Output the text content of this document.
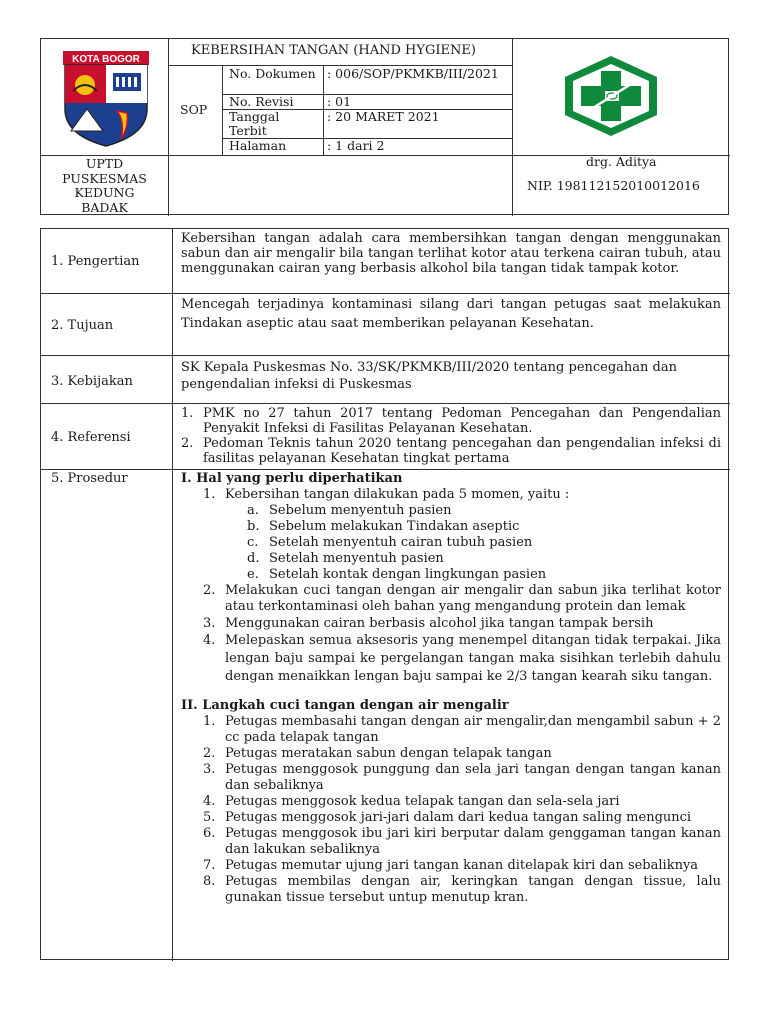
KOTA BOGOR
KEBERSIHAN TANGAN (HAND HYGIENE)
SOP
No. Dokumen : 006/SOP/PKMKB/III/2021
No. Revisi	: 01
Tanggal Terbit
: 20 MARET 2021
Halaman	: 1 dari 2
UPTD
PUSKESMAS
KEDUNG
BADAK
drg. Aditya
NIP. 198112152010012016
1. Pengertian
Kebersihan tangan adalah cara membersihkan tangan dengan menggunakan sabun dan air mengalir bila tangan terlihat kotor atau terkena cairan tubuh, atau menggunakan cairan yang berbasis alkohol bila tangan tidak tampak kotor.
2. Tujuan
Mencegah terjadinya kontaminasi silang dari tangan petugas saat melakukan Tindakan aseptic atau saat memberikan pelayanan Kesehatan.
3. Kebijakan
SK Kepala Puskesmas No. 33/SK/PKMKB/III/2020 tentang pencegahan dan pengendalian infeksi di Puskesmas
4. Referensi
1. PMK no 27 tahun 2017 tentang Pedoman Pencegahan dan Pengendalian Penyakit Infeksi di Fasilitas Pelayanan Kesehatan.
2. Pedoman Teknis tahun 2020 tentang pencegahan dan pengendalian infeksi di fasilitas pelayanan Kesehatan tingkat pertama
5. Prosedur	I. Hal yang perlu diperhatikan
1. Kebersihan tangan dilakukan pada 5 momen, yaitu :
a. Sebelum menyentuh pasien
b. Sebelum melakukan Tindakan aseptic
c. Setelah menyentuh cairan tubuh pasien
d. Setelah menyentuh pasien
e. Setelah kontak dengan lingkungan pasien
2. Melakukan cuci tangan dengan air mengalir dan sabun jika terlihat kotor atau terkontaminasi oleh bahan yang mengandung protein dan lemak
3. Menggunakan cairan berbasis alcohol jika tangan tampak bersih
4. Melepaskan semua aksesoris yang menempel ditangan tidak terpakai. Jika lengan baju sampai ke pergelangan tangan maka sisihkan terlebih dahulu dengan menaikkan lengan baju sampai ke 2/3 tangan kearah siku tangan.
II. Langkah cuci tangan dengan air mengalir
1. Petugas membasahi tangan dengan air mengalir,dan mengambil sabun + 2 cc pada telapak tangan
2. Petugas meratakan sabun dengan telapak tangan
3. Petugas menggosok punggung dan sela jari tangan dengan tangan kanan dan sebaliknya
4. Petugas menggosok kedua telapak tangan dan sela-sela jari
5. Petugas menggosok jari-jari dalam dari kedua tangan saling mengunci
6. Petugas menggosok ibu jari kiri berputar dalam genggaman tangan kanan dan lakukan sebaliknya
7. Petugas memutar ujung jari tangan kanan ditelapak kiri dan sebaliknya
8. Petugas membilas dengan air, keringkan tangan dengan tissue, lalu gunakan tissue tersebut untup menutup kran.
